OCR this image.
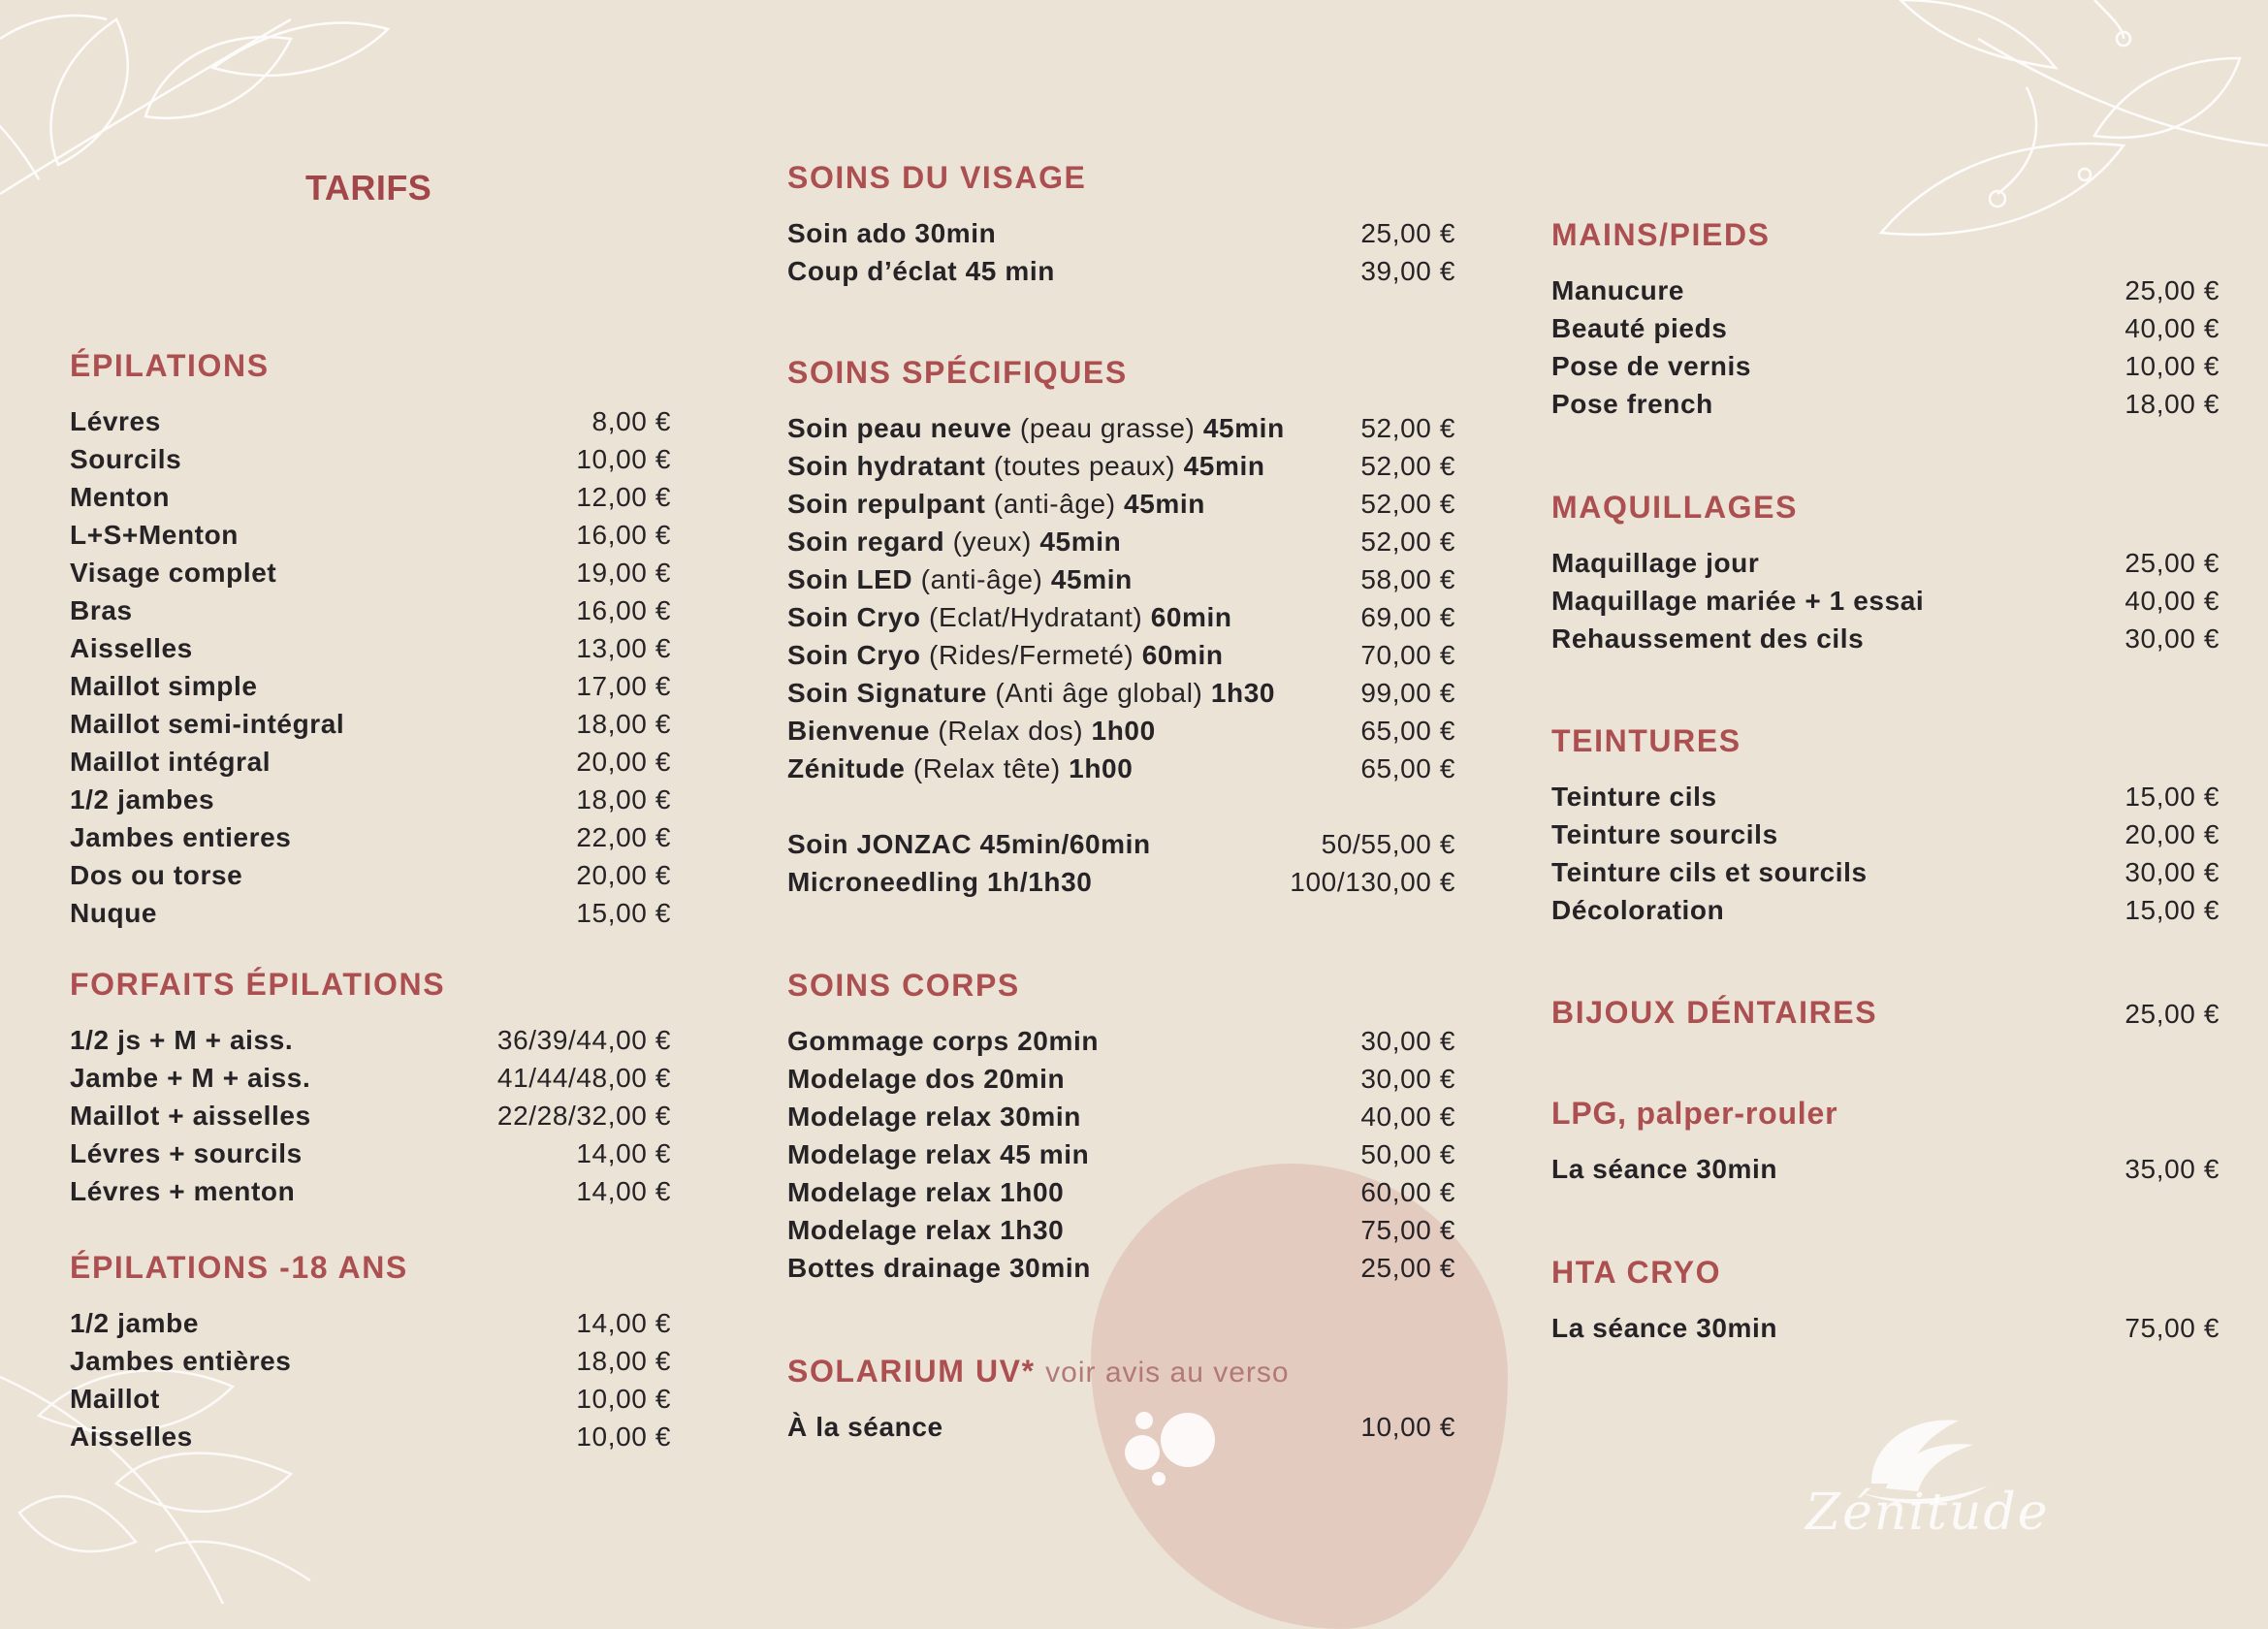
Zénitude
TARIFS
ÉPILATIONS
Lévres	8,00 €
Sourcils	10,00 €
Menton	12,00 €
L+S+Menton	16,00 €
Visage complet	19,00 €
Bras	16,00 €
Aisselles	13,00 €
Maillot simple	17,00 €
Maillot semi-intégral	18,00 €
Maillot intégral	20,00 €
1/2 jambes	18,00 €
Jambes entieres	22,00 €
Dos ou torse	20,00 €
Nuque	15,00 €
FORFAITS ÉPILATIONS
1/2 js + M + aiss.	36/39/44,00 €
Jambe + M + aiss.	41/44/48,00 €
Maillot + aisselles	22/28/32,00 €
Lévres + sourcils	14,00 €
Lévres + menton	14,00 €
ÉPILATIONS -18 ANS
1/2 jambe	14,00 €
Jambes entières	18,00 €
Maillot	10,00 €
Aisselles	10,00 €
SOINS DU VISAGE
Soin ado 30min	25,00 €
Coup d’éclat 45 min	39,00 €
SOINS SPÉCIFIQUES
Soin peau neuve (peau grasse) 45min	52,00 €
Soin hydratant (toutes peaux) 45min	52,00 €
Soin repulpant (anti-âge) 45min	52,00 €
Soin regard (yeux) 45min	52,00 €
Soin LED (anti-âge) 45min	58,00 €
Soin Cryo (Eclat/Hydratant) 60min	69,00 €
Soin Cryo (Rides/Fermeté) 60min	70,00 €
Soin Signature (Anti âge global) 1h30	99,00 €
Bienvenue (Relax dos) 1h00	65,00 €
Zénitude (Relax tête) 1h00	65,00 €
Soin JONZAC 45min/60min	50/55,00 €
Microneedling 1h/1h30	100/130,00 €
SOINS CORPS
Gommage corps 20min	30,00 €
Modelage dos 20min	30,00 €
Modelage relax 30min	40,00 €
Modelage relax 45 min	50,00 €
Modelage relax 1h00	60,00 €
Modelage relax 1h30	75,00 €
Bottes drainage 30min	25,00 €
SOLARIUM UV* voir avis au verso
À la séance	10,00 €
MAINS/PIEDS
Manucure	25,00 €
Beauté pieds	40,00 €
Pose de vernis	10,00 €
Pose french	18,00 €
MAQUILLAGES
Maquillage jour	25,00 €
Maquillage mariée + 1 essai	40,00 €
Rehaussement des cils	30,00 €
TEINTURES
Teinture cils	15,00 €
Teinture sourcils	20,00 €
Teinture cils et sourcils	30,00 €
Décoloration	15,00 €
BIJOUX DÉNTAIRES	25,00 €
LPG, palper-rouler
La séance 30min	35,00 €
HTA CRYO
La séance 30min	75,00 €
